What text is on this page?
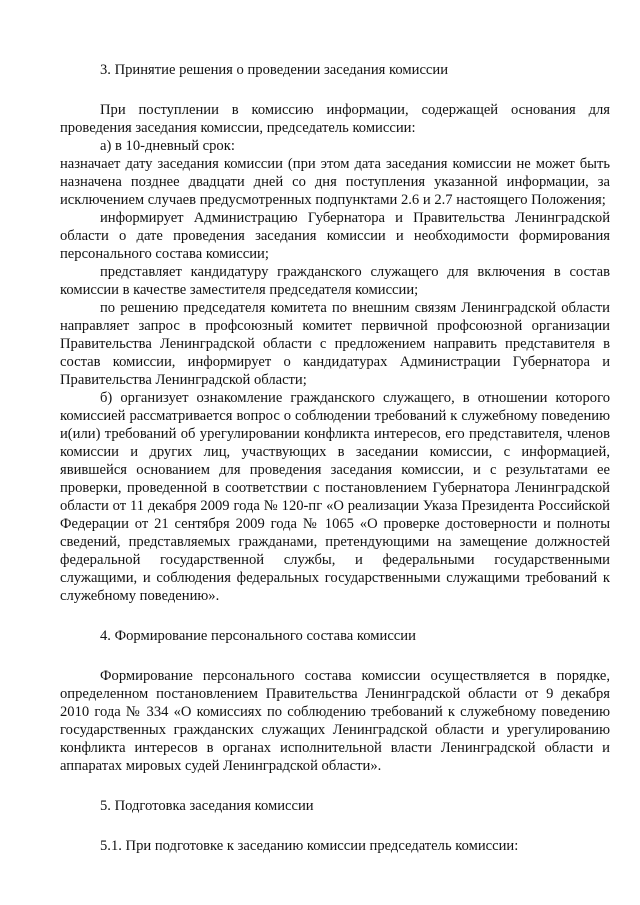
3. Принятие решения о проведении заседания комиссии

При поступлении в комиссию информации, содержащей основания для проведения заседания комиссии, председатель комиссии:

а) в 10-дневный срок:

назначает дату заседания комиссии (при этом дата заседания комиссии не может быть назначена позднее двадцати дней со дня поступления указанной информации, за исключением случаев предусмотренных подпунктами 2.6 и 2.7 настоящего Положения;

информирует Администрацию Губернатора и Правительства Ленинградской области о дате проведения заседания комиссии и необходимости формирования персонального состава комиссии;

представляет кандидатуру гражданского служащего для включения в состав комиссии в качестве заместителя председателя комиссии;

по решению председателя комитета по внешним связям Ленинградской области направляет запрос в профсоюзный комитет первичной профсоюзной организации Правительства Ленинградской области с предложением направить представителя в состав комиссии, информирует о кандидатурах Администрации Губернатора и Правительства Ленинградской области;

б) организует ознакомление гражданского служащего, в отношении которого комиссией рассматривается вопрос о соблюдении требований к служебному поведению и(или) требований об урегулировании конфликта интересов, его представителя, членов комиссии и других лиц, участвующих в заседании комиссии, с информацией, явившейся основанием для проведения заседания комиссии, и с результатами ее проверки, проведенной в соответствии с постановлением Губернатора Ленинградской области от 11 декабря 2009 года № 120-пг «О реализации Указа Президента Российской Федерации от 21 сентября 2009 года № 1065 «О проверке достоверности и полноты сведений, представляемых гражданами, претендующими на замещение должностей федеральной государственной службы, и федеральными государственными служащими, и соблюдения федеральных государственными служащими требований к служебному поведению».

4. Формирование персонального состава комиссии

Формирование персонального состава комиссии осуществляется в порядке, определенном постановлением Правительства Ленинградской области от 9 декабря 2010 года № 334 «О комиссиях по соблюдению требований к служебному поведению государственных гражданских служащих Ленинградской области и урегулированию конфликта интересов в органах исполнительной власти Ленинградской области и аппаратах мировых судей Ленинградской области».

5. Подготовка заседания комиссии

5.1. При подготовке к заседанию комиссии председатель комиссии:
